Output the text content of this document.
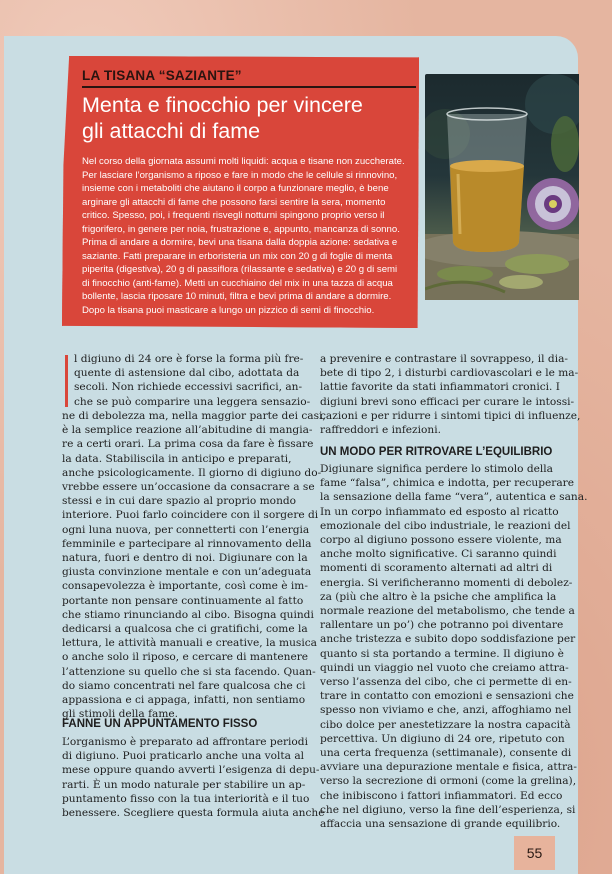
LA TISANA “SAZIANTE”
Menta e finocchio per vincere
gli attacchi di fame
Nel corso della giornata assumi molti liquidi: acqua e tisane non zuccherate.
Per lasciare l’organismo a riposo e fare in modo che le cellule si rinnovino,
insieme con i metaboliti che aiutano il corpo a funzionare meglio, è bene
arginare gli attacchi di fame che possono farsi sentire la sera, momento
critico. Spesso, poi, i frequenti risvegli notturni spingono proprio verso il
frigorifero, in genere per noia, frustrazione e, appunto, mancanza di sonno.
Prima di andare a dormire, bevi una tisana dalla doppia azione: sedativa e
saziante. Fatti preparare in erboristeria un mix con 20 g di foglie di menta
piperita (digestiva), 20 g di passiflora (rilassante e sedativa) e 20 g di semi
di finocchio (anti-fame). Metti un cucchiaino del mix in una tazza di acqua
bollente, lascia riposare 10 minuti, filtra e bevi prima di andare a dormire.
Dopo la tisana puoi masticare a lungo un pizzico di semi di finocchio.
l digiuno di 24 ore è forse la forma più fre-
quente di astensione dal cibo, adottata da
secoli. Non richiede eccessivi sacrifici, an-
che se può comparire una leggera sensazio-
ne di debolezza ma, nella maggior parte dei casi,
è la semplice reazione all’abitudine di mangia-
re a certi orari. La prima cosa da fare è fissare
la data. Stabiliscila in anticipo e preparati,
anche psicologicamente. Il giorno di digiuno do-
vrebbe essere un’occasione da consacrare a se
stessi e in cui dare spazio al proprio mondo
interiore. Puoi farlo coincidere con il sorgere di
ogni luna nuova, per connetterti con l’energia
femminile e partecipare al rinnovamento della
natura, fuori e dentro di noi. Digiunare con la
giusta convinzione mentale e con un’adeguata
consapevolezza è importante, così come è im-
portante non pensare continuamente al fatto
che stiamo rinunciando al cibo. Bisogna quindi
dedicarsi a qualcosa che ci gratifichi, come la
lettura, le attività manuali e creative, la musica
o anche solo il riposo, e cercare di mantenere
l’attenzione su quello che si sta facendo. Quan-
do siamo concentrati nel fare qualcosa che ci
appassiona e ci appaga, infatti, non sentiamo
gli stimoli della fame.
FANNE UN APPUNTAMENTO FISSO
L’organismo è preparato ad affrontare periodi
di digiuno. Puoi praticarlo anche una volta al
mese oppure quando avverti l’esigenza di depu-
rarti. È un modo naturale per stabilire un ap-
puntamento fisso con la tua interiorità e il tuo
benessere. Scegliere questa formula aiuta anche
a prevenire e contrastare il sovrappeso, il dia-
bete di tipo 2, i disturbi cardiovascolari e le ma-
lattie favorite da stati infiammatori cronici. I
digiuni brevi sono efficaci per curare le intossi-
cazioni e per ridurre i sintomi tipici di influenze,
raffreddori e infezioni.
UN MODO PER RITROVARE L’EQUILIBRIO
Digiunare significa perdere lo stimolo della
fame “falsa”, chimica e indotta, per recuperare
la sensazione della fame “vera”, autentica e sana.
In un corpo infiammato ed esposto al ricatto
emozionale del cibo industriale, le reazioni del
corpo al digiuno possono essere violente, ma
anche molto significative. Ci saranno quindi
momenti di scoramento alternati ad altri di
energia. Si verificheranno momenti di debolez-
za (più che altro è la psiche che amplifica la
normale reazione del metabolismo, che tende a
rallentare un po’) che potranno poi diventare
anche tristezza e subito dopo soddisfazione per
quanto si sta portando a termine. Il digiuno è
quindi un viaggio nel vuoto che creiamo attra-
verso l’assenza del cibo, che ci permette di en-
trare in contatto con emozioni e sensazioni che
spesso non viviamo e che, anzi, affoghiamo nel
cibo dolce per anestetizzare la nostra capacità
percettiva. Un digiuno di 24 ore, ripetuto con
una certa frequenza (settimanale), consente di
avviare una depurazione mentale e fisica, attra-
verso la secrezione di ormoni (come la grelina),
che inibiscono i fattori infiammatori. Ed ecco
che nel digiuno, verso la fine dell’esperienza, si
affaccia una sensazione di grande equilibrio.
55
